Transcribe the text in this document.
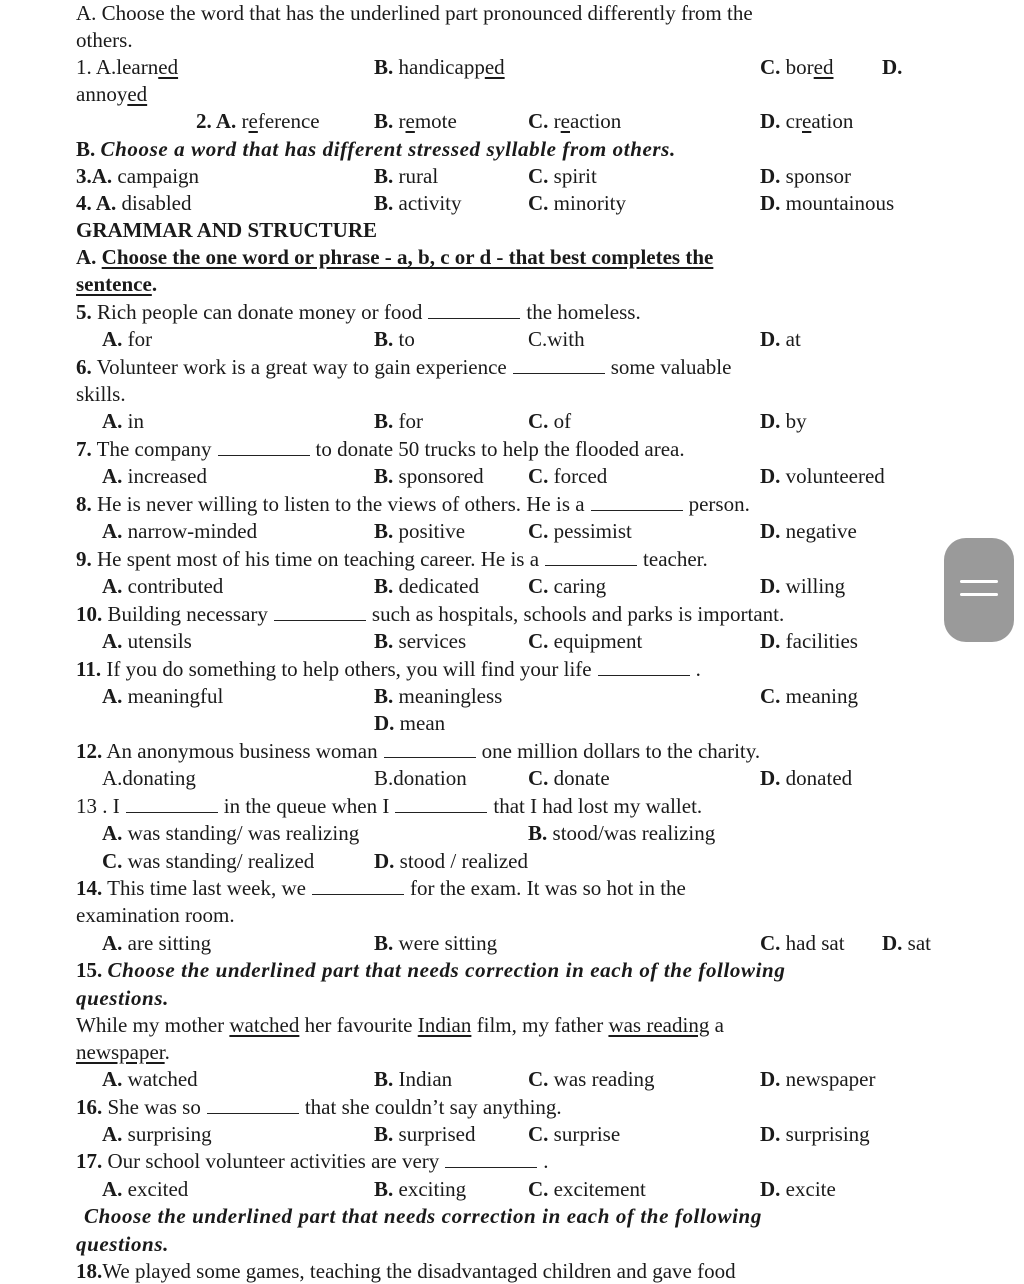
A. Choose the word that has the underlined part pronounced differently from the
others.
1. A.learned	B. handicapped	C. bored D.
annoyed
2. A. reference	B. remote	C. reaction	D. creation
B. Choose a word that has different stressed syllable from others.
3.A. campaign	B. rural	C. spirit	D. sponsor
4. A. disabled	B. activity	C. minority	D. mountainous
GRAMMAR AND STRUCTURE
A. Choose the one word or phrase - a, b, c or d - that best completes the
sentence.
5. Rich people can donate money or food	the homeless.
A. for	B. to	C.with	D. at
6. Volunteer work is a great way to gain experience	some valuable
skills.
A. in	B. for	C. of	D. by
7. The company	to donate 50 trucks to help the flooded area.
A. increased	B. sponsored C. forced	D. volunteered
8. He is never willing to listen to the views of others. He is a	person.
A. narrow-minded	B. positive	C. pessimist	D. negative
9. He spent most of his time on teaching career. He is a	teacher.
A. contributed	B. dedicated C. caring	D. willing
10. Building necessary	such as hospitals, schools and parks is important.
A. utensils	B. services	C. equipment	D. facilities
11. If you do something to help others, you will find your life	.
A. meaningful	B. meaningless	C. meaning
D. mean
12. An anonymous business woman	one million dollars to the charity.
A.donating	B.donation	C. donate	D. donated
13 . I	in the queue when I	that I had lost my wallet.
A. was standing/ was realizing	B. stood/was realizing
C. was standing/ realized	D. stood / realized
14. This time last week, we	for the exam. It was so hot in the
examination room.
A. are sitting	B. were sitting	C. had sat D. sat
15. Choose the underlined part that needs correction in each of the following
questions.
While my mother watched her favourite Indian film, my father was reading a
newspaper.
A. watched	B. Indian	C. was reading	D. newspaper
16. She was so	that she couldn’t say anything.
A. surprising	B. surprised C. surprise	D. surprising
17. Our school volunteer activities are very	.
A. excited	B. exciting	C. excitement	D. excite
Choose the underlined part that needs correction in each of the following
questions.
18.We played some games, teaching the disadvantaged children and gave food
